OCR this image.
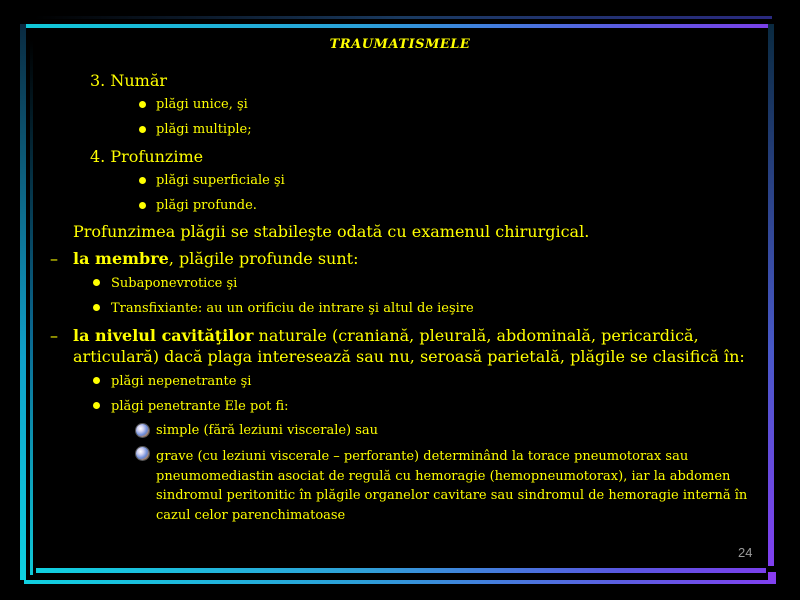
TRAUMATISMELE
3. Număr
plăgi unice, şi
plăgi multiple;
4. Profunzime
plăgi superficiale şi
plăgi profunde.
Profunzimea plăgii se stabileşte odată cu examenul chirurgical.
– la membre, plăgile profunde sunt:
Subaponevrotice şi
Transfixiante: au un orificiu de intrare şi altul de ieşire
– la nivelul cavităţilor naturale (craniană, pleurală, abdominală, pericardică,
articulară) dacă plaga interesează sau nu, seroasă parietală, plăgile se clasifică în:
plăgi nepenetrante şi
plăgi penetrante Ele pot fi:
simple (fără leziuni viscerale) sau
grave (cu leziuni viscerale – perforante) determinând la torace pneumotorax sau pneumomediastin asociat de regulă cu hemoragie (hemopneumotorax), iar la abdomen sindromul peritonitic în plăgile organelor cavitare sau sindromul de hemoragie internă în cazul celor parenchimatoase
24
